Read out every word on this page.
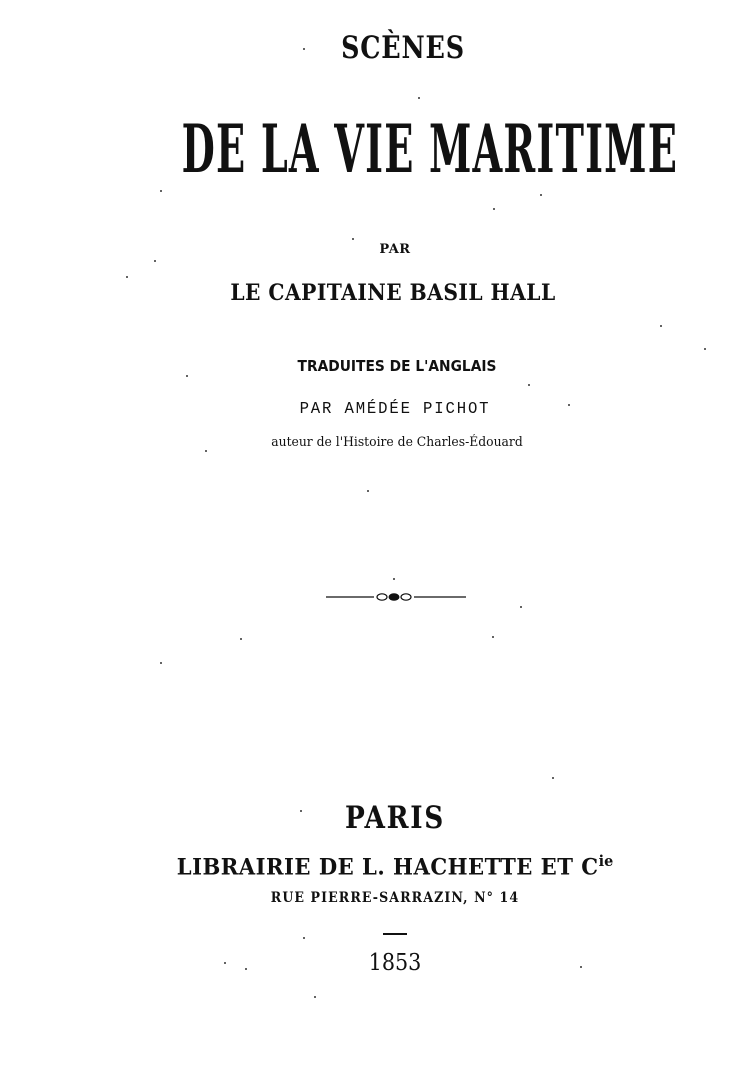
SCÈNES
DE LA VIE MARITIME
PAR
LE CAPITAINE BASIL HALL
TRADUITES DE L'ANGLAIS
PAR AMÉDÉE PICHOT
auteur de l'Histoire de Charles-Édouard
PARIS
LIBRAIRIE DE L. HACHETTE ET $C^{ie}$
RUE PIERRE-SARRAZIN, N° 14
1853
